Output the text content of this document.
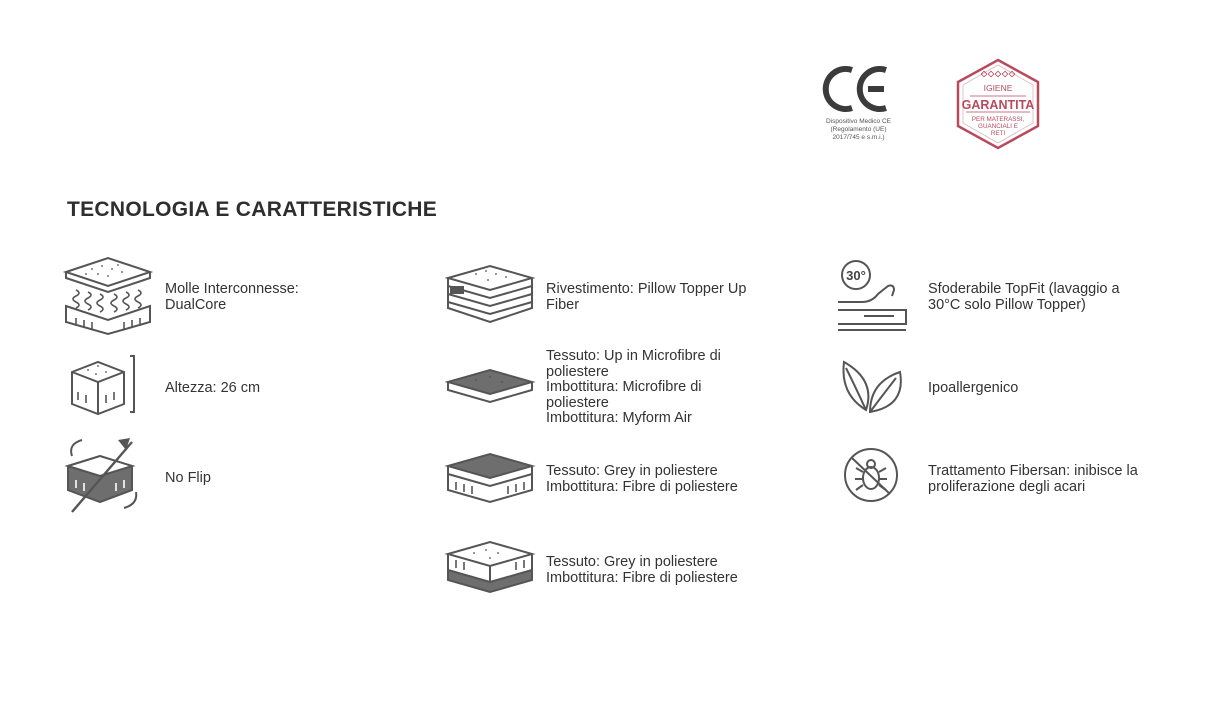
Dispositivo Medico CE
(Regolamento (UE)
2017/745 e s.m.i.)
IGIENE
GARANTITA
PER MATERASSI,
GUANCIALI E
RETI
TECNOLOGIA E CARATTERISTICHE
Molle Interconnesse:
DualCore
Altezza: 26 cm
No Flip
Rivestimento: Pillow Topper Up
Fiber
Tessuto: Up in Microfibre di
poliestere
Imbottitura: Microfibre di
poliestere
Imbottitura: Myform Air
Tessuto: Grey in poliestere
Imbottitura: Fibre di poliestere
Tessuto: Grey in poliestere
Imbottitura: Fibre di poliestere
30°
Sfoderabile TopFit (lavaggio a
30°C solo Pillow Topper)
Ipoallergenico
Trattamento Fibersan: inibisce la
proliferazione degli acari
